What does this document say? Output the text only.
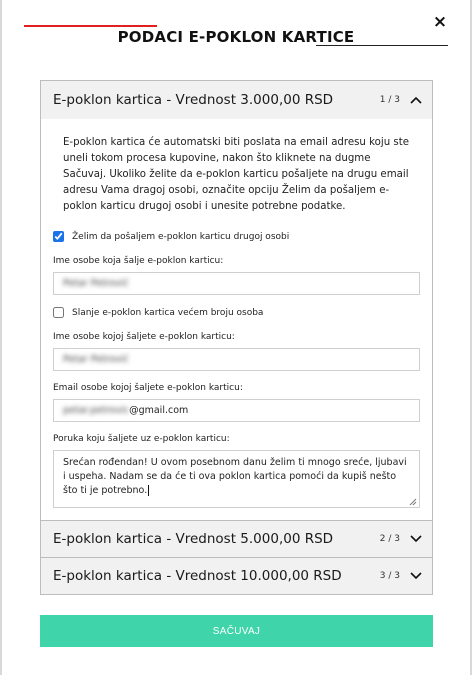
×
PODACI E-POKLON KARTICE
E-poklon kartica - Vrednost 3.000,00 RSD	1 / 3

E-poklon kartica će automatski biti poslata na email adresu koju ste uneli tokom procesa kupovine, nakon što kliknete na dugme Sačuvaj. Ukoliko želite da e-poklon karticu pošaljete na drugu email adresu Vama dragoj osobi, označite opciju Želim da pošaljem e-poklon karticu drugoj osobi i unesite potrebne podatke.

Želim da pošaljem e-poklon karticu drugoj osobi
Ime osobe koja šalje e-poklon karticu:
Petar Petrović
Slanje e-poklon kartica većem broju osoba
Ime osobe kojoj šaljete e-poklon karticu:
Petar Petrović
Email osobe kojoj šaljete e-poklon karticu:
petar.petrovic @gmail.com
Poruka koju šaljete uz e-poklon karticu:
Srećan rođendan! U ovom posebnom danu želim ti mnogo sreće, ljubavi i uspeha. Nadam se da će ti ova poklon kartica pomoći da kupiš nešto što ti je potrebno.
E-poklon kartica - Vrednost 5.000,00 RSD	2 / 3
E-poklon kartica - Vrednost 10.000,00 RSD	3 / 3
SAČUVAJ
